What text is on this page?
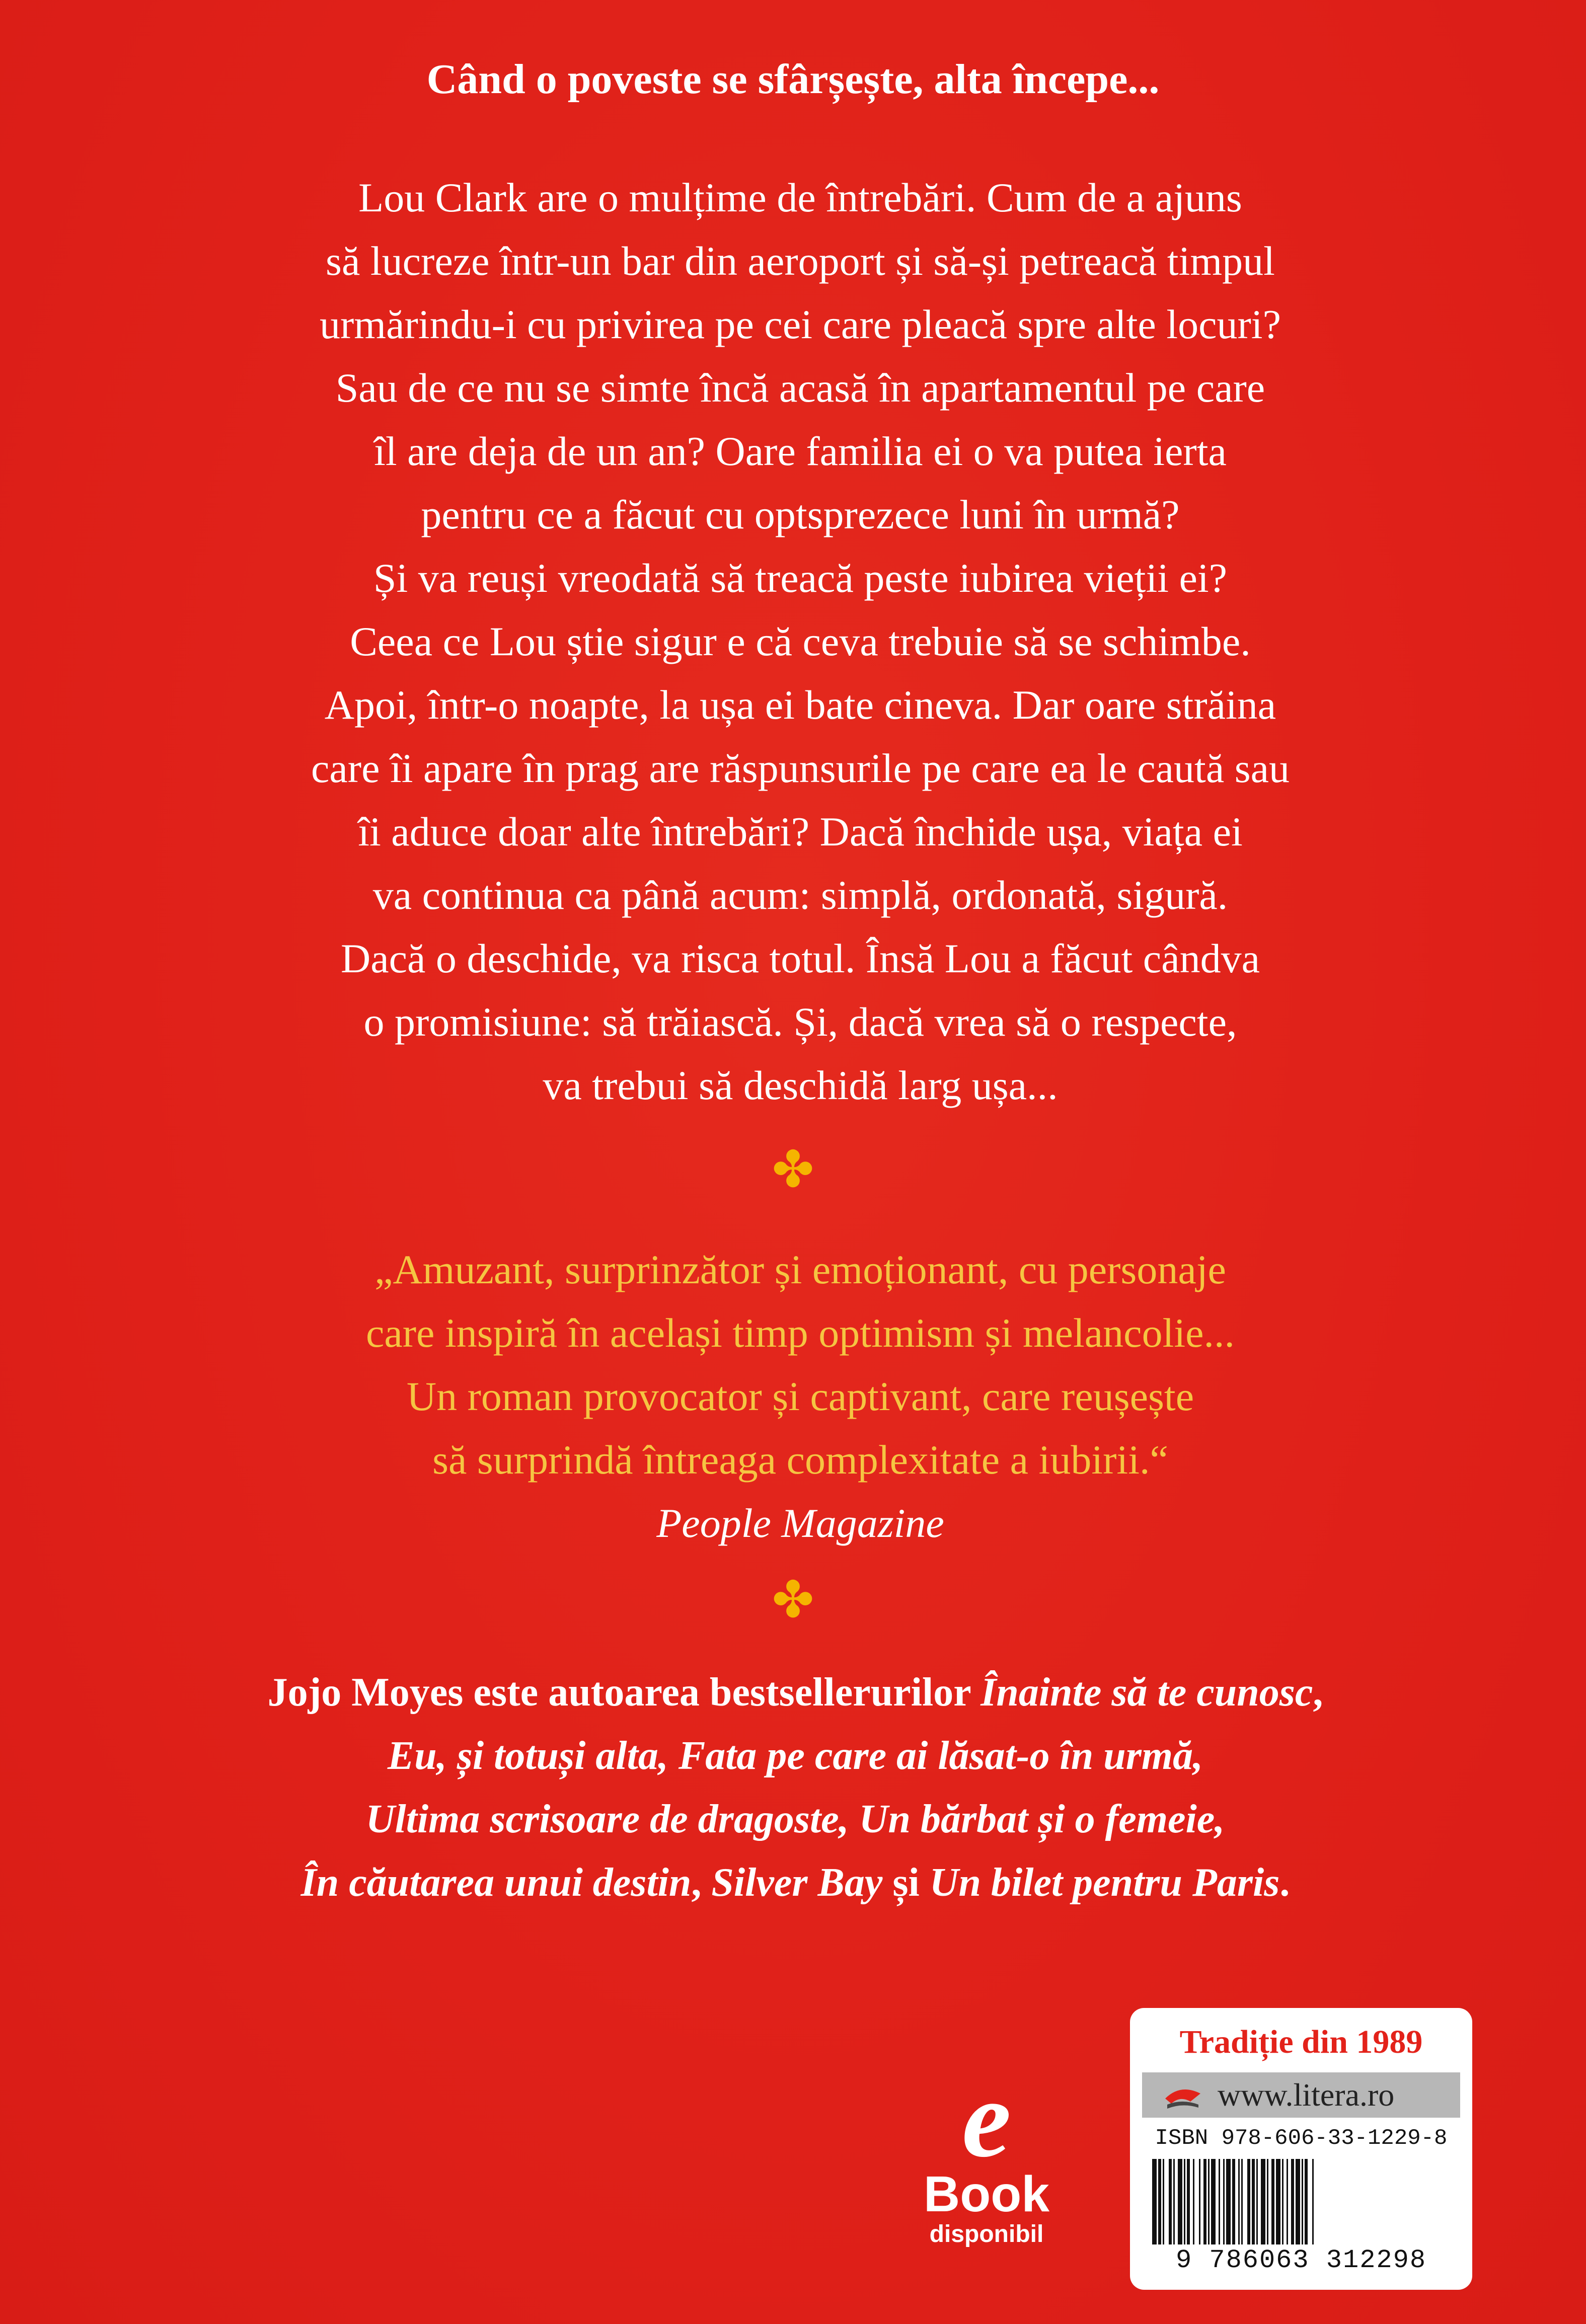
Când o poveste se sfârșește, alta începe...
Lou Clark are o mulțime de întrebări. Cum de a ajuns
să lucreze într-un bar din aeroport și să-și petreacă timpul
urmărindu-i cu privirea pe cei care pleacă spre alte locuri?
Sau de ce nu se simte încă acasă în apartamentul pe care
îl are deja de un an? Oare familia ei o va putea ierta
pentru ce a făcut cu optsprezece luni în urmă?
Și va reuși vreodată să treacă peste iubirea vieții ei?
Ceea ce Lou știe sigur e că ceva trebuie să se schimbe.
Apoi, într-o noapte, la ușa ei bate cineva. Dar oare străina
care îi apare în prag are răspunsurile pe care ea le caută sau
îi aduce doar alte întrebări? Dacă închide ușa, viața ei
va continua ca până acum: simplă, ordonată, sigură.
Dacă o deschide, va risca totul. Însă Lou a făcut cândva
o promisiune: să trăiască. Și, dacă vrea să o respecte,
va trebui să deschidă larg ușa...
✤
„Amuzant, surprinzător și emoționant, cu personaje
care inspiră în același timp optimism și melancolie...
Un roman provocator și captivant, care reușește
să surprindă întreaga complexitate a iubirii.“
People Magazine
✤
Jojo Moyes este autoarea bestsellerurilor Înainte să te cunosc,
Eu, și totuși alta, Fata pe care ai lăsat-o în urmă,
Ultima scrisoare de dragoste, Un bărbat și o femeie,
În căutarea unui destin, Silver Bay și Un bilet pentru Paris.
e
Book
disponibil
Tradiție din 1989
www.litera.ro
ISBN 978-606-33-1229-8
9 786063 312298
